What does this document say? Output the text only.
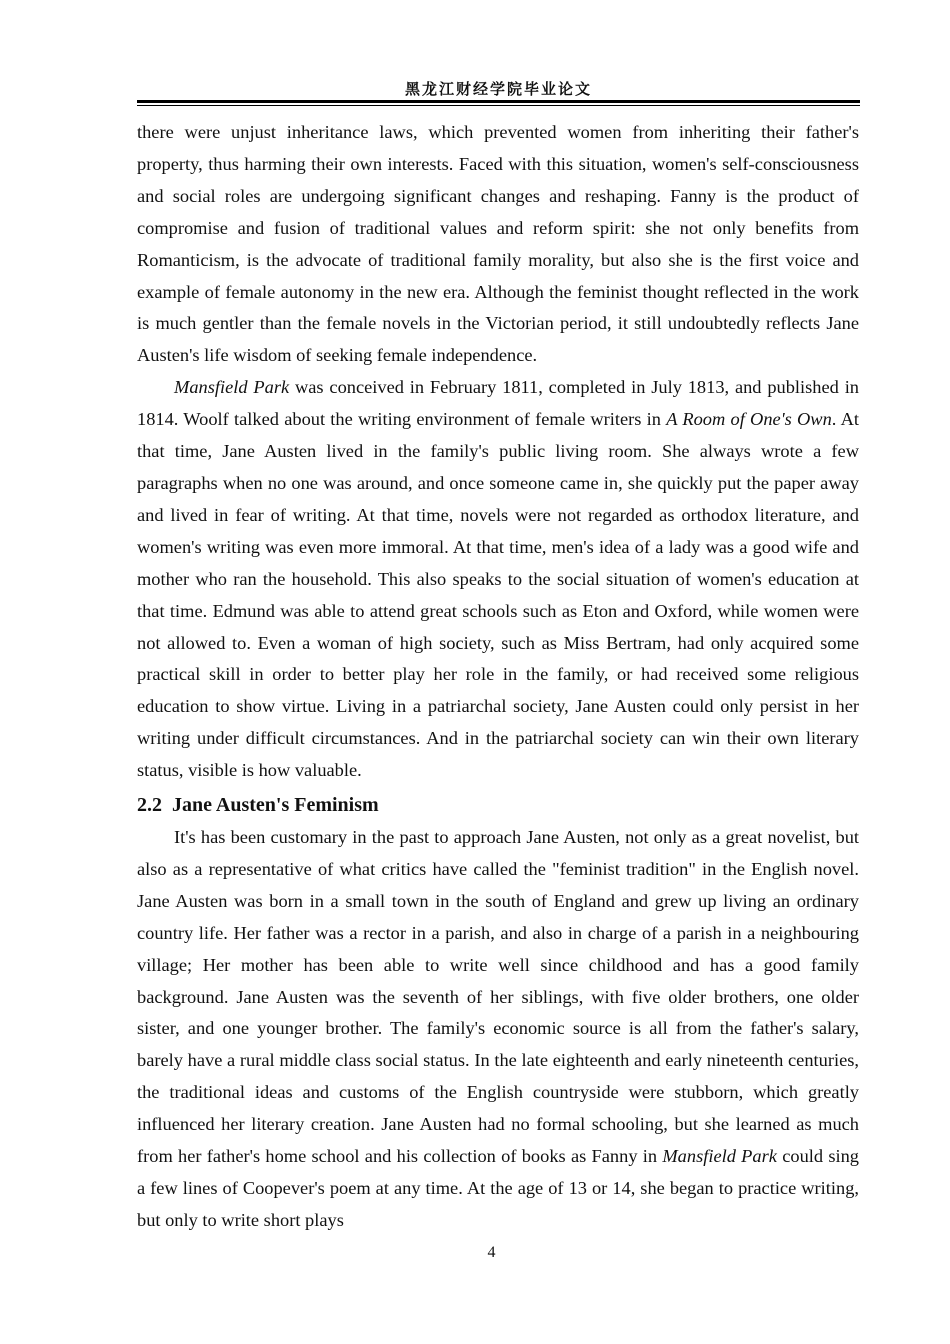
黑龙江财经学院毕业论文

there were unjust inheritance laws, which prevented women from inheriting their father's property, thus harming their own interests. Faced with this situation, women's self-consciousness and social roles are undergoing significant changes and reshaping. Fanny is the product of compromise and fusion of traditional values and reform spirit: she not only benefits from Romanticism, is the advocate of traditional family morality, but also she is the first voice and example of female autonomy in the new era. Although the feminist thought reflected in the work is much gentler than the female novels in the Victorian period, it still undoubtedly reflects Jane Austen's life wisdom of seeking female independence.

Mansfield Park was conceived in February 1811, completed in July 1813, and published in 1814. Woolf talked about the writing environment of female writers in A Room of One's Own. At that time, Jane Austen lived in the family's public living room. She always wrote a few paragraphs when no one was around, and once someone came in, she quickly put the paper away and lived in fear of writing. At that time, novels were not regarded as orthodox literature, and women's writing was even more immoral. At that time, men's idea of a lady was a good wife and mother who ran the household. This also speaks to the social situation of women's education at that time. Edmund was able to attend great schools such as Eton and Oxford, while women were not allowed to. Even a woman of high society, such as Miss Bertram, had only acquired some practical skill in order to better play her role in the family, or had received some religious education to show virtue. Living in a patriarchal society, Jane Austen could only persist in her writing under difficult circumstances. And in the patriarchal society can win their own literary status, visible is how valuable.

2.2 Jane Austen's Feminism

It's has been customary in the past to approach Jane Austen, not only as a great novelist, but also as a representative of what critics have called the "feminist tradition" in the English novel. Jane Austen was born in a small town in the south of England and grew up living an ordinary country life. Her father was a rector in a parish, and also in charge of a parish in a neighbouring village; Her mother has been able to write well since childhood and has a good family background. Jane Austen was the seventh of her siblings, with five older brothers, one older sister, and one younger brother. The family's economic source is all from the father's salary, barely have a rural middle class social status. In the late eighteenth and early nineteenth centuries, the traditional ideas and customs of the English countryside were stubborn, which greatly influenced her literary creation. Jane Austen had no formal schooling, but she learned as much from her father's home school and his collection of books as Fanny in Mansfield Park could sing a few lines of Coopever's poem at any time. At the age of 13 or 14, she began to practice writing, but only to write short plays

4
